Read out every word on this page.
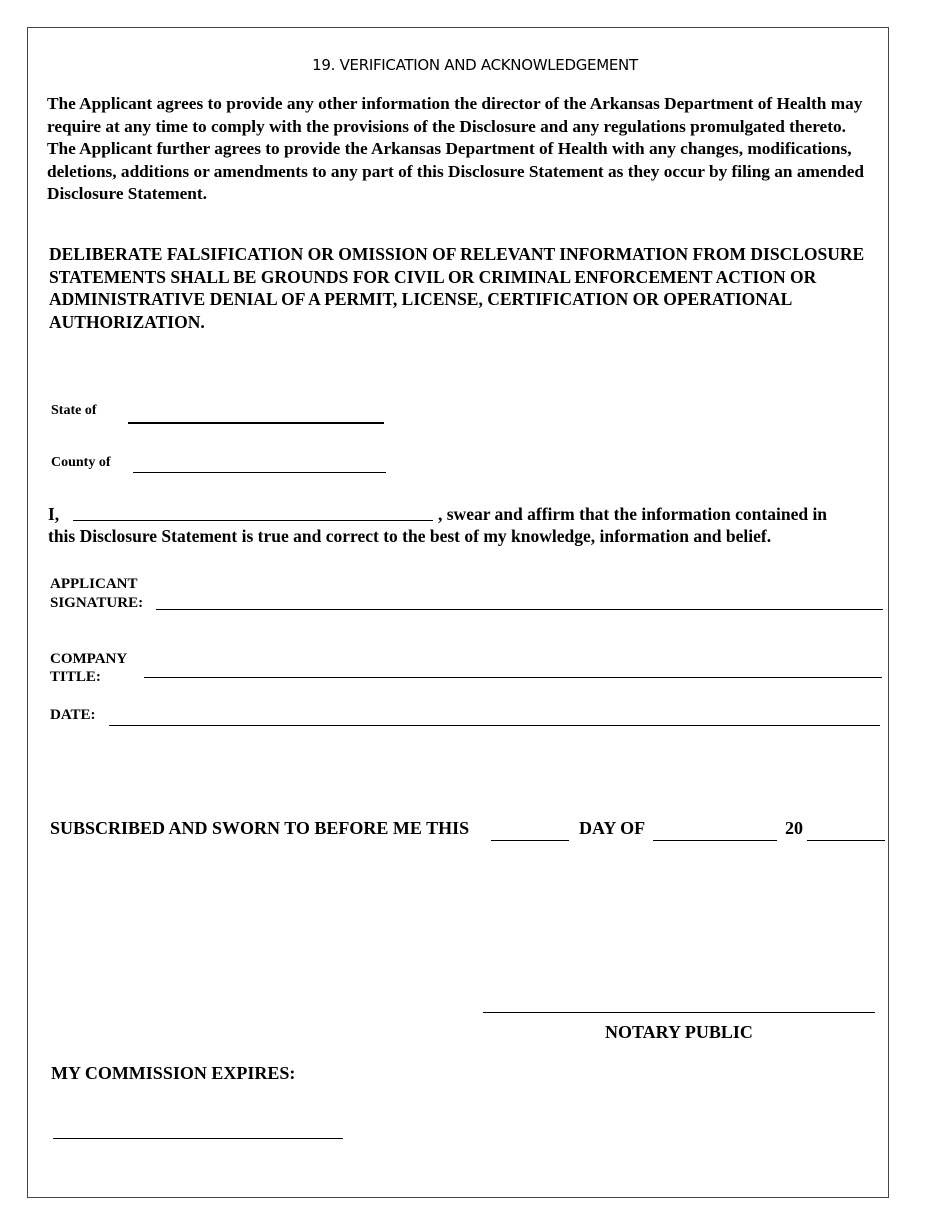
19. VERIFICATION AND ACKNOWLEDGEMENT
The Applicant agrees to provide any other information the director of the Arkansas Department of Health may require at any time to comply with the provisions of the Disclosure and any regulations promulgated thereto. The Applicant further agrees to provide the Arkansas Department of Health with any changes, modifications, deletions, additions or amendments to any part of this Disclosure Statement as they occur by filing an amended Disclosure Statement.
DELIBERATE FALSIFICATION OR OMISSION OF RELEVANT INFORMATION FROM DISCLOSURE STATEMENTS SHALL BE GROUNDS FOR CIVIL OR CRIMINAL ENFORCEMENT ACTION OR ADMINISTRATIVE DENIAL OF A PERMIT, LICENSE, CERTIFICATION OR OPERATIONAL AUTHORIZATION.
State of
County of
I,	, swear and affirm that the information contained in
this Disclosure Statement is true and correct to the best of my knowledge, information and belief.
APPLICANT
SIGNATURE:
COMPANY
TITLE:
DATE:
SUBSCRIBED AND SWORN TO BEFORE ME THIS	DAY OF	20
NOTARY PUBLIC
MY COMMISSION EXPIRES:
